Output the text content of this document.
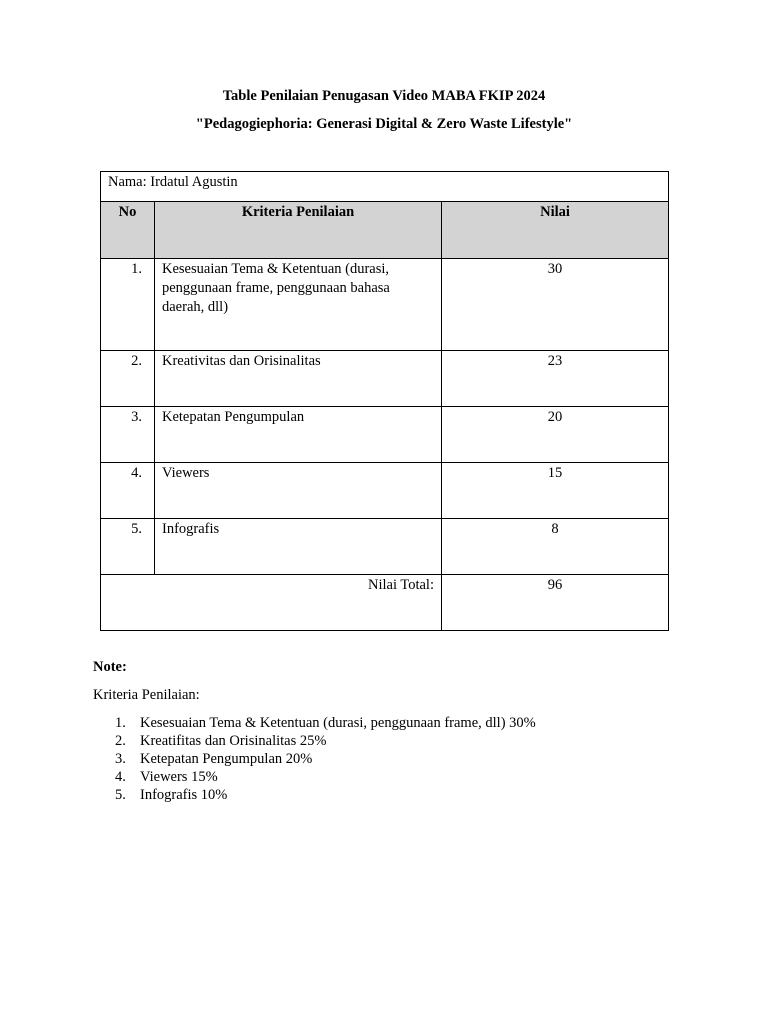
Table Penilaian Penugasan Video MABA FKIP 2024
"Pedagogiephoria: Generasi Digital & Zero Waste Lifestyle"
Nama: Irdatul Agustin		

No	Kriteria Penilaian	Nilai

1.	Kesesuaian Tema & Ketentuan (durasi, penggunaan frame, penggunaan bahasa daerah, dll)	30

2.	Kreativitas dan Orisinalitas	23

3.	Ketepatan Pengumpulan	20

4.	Viewers	15

5.	Infografis	8

Nilai Total:		96
Note:
Kriteria Penilaian:
1. Kesesuaian Tema & Ketentuan (durasi, penggunaan frame, dll) 30%
2. Kreatifitas dan Orisinalitas 25%
3. Ketepatan Pengumpulan 20%
4. Viewers 15%
5. Infografis 10%
